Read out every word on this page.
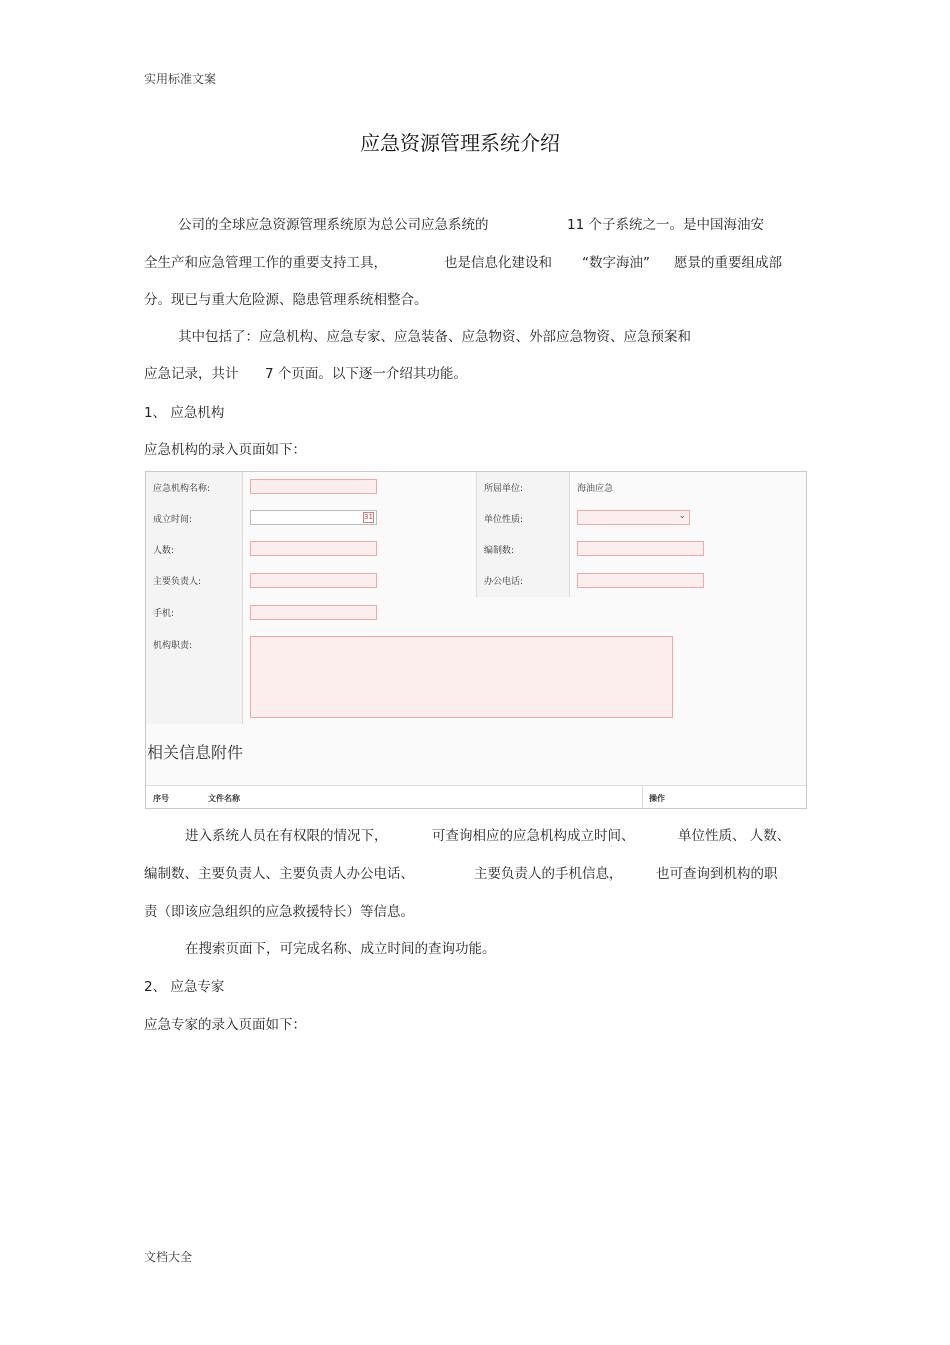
实用标准文案
应急资源管理系统介绍
公司的全球应急资源管理系统原为总公司应急系统的	11 个子系统之一。是中国海油安
全生产和应急管理工作的重要支持工具，	也是信息化建设和 “数字海油” 愿景的重要组成部
分。现已与重大危险源、隐患管理系统相整合。
其中包括了：应急机构、应急专家、应急装备、应急物资、外部应急物资、应急预案和
应急记录，共计 7 个页面。以下逐一介绍其功能。
1、 应急机构
应急机构的录入页面如下：
应急机构名称:	所屈单位:	海油应急
成立时间:	31	单位性质:	⌄
人数:	编制数:
主要负责人:	办公电话:
手机:
机构职责:
相关信息附件
序号	文件名称	操作
进入系统人员在有权限的情况下，	可查询相应的应急机构成立时间、	单位性质、 人数、
编制数、主要负责人、主要负责人办公电话、	主要负责人的手机信息， 也可查询到机构的职
责（即该应急组织的应急救援特长）等信息。
在搜索页面下，可完成名称、成立时间的查询功能。
2、 应急专家
应急专家的录入页面如下：
文档大全
